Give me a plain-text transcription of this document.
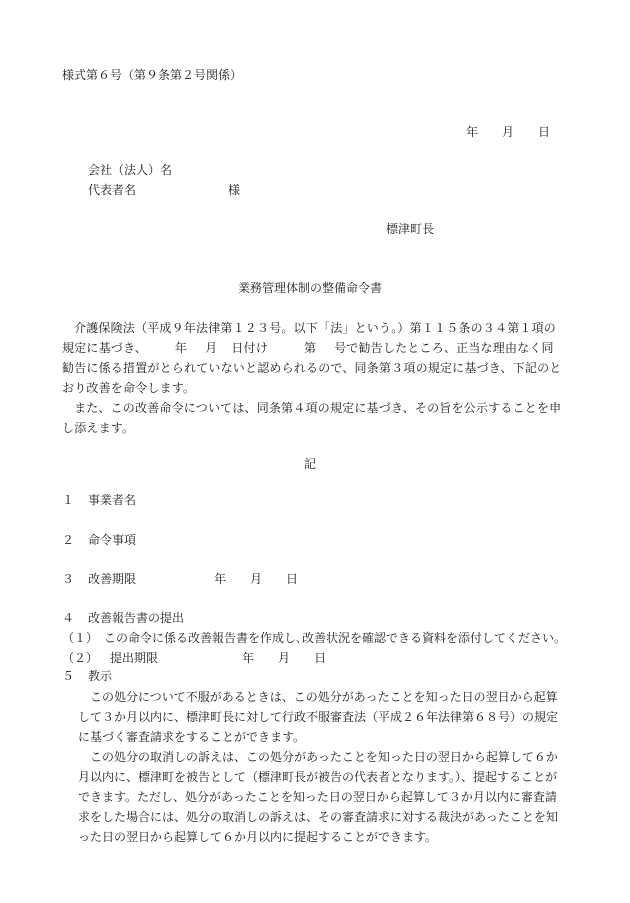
様式第６号（第９条第２号関係）
年 月 日
会社（法人）名
代表者名	様
標津町長
業務管理体制の整備命令書
介護保険法（平成９年法律第１２３号。以下「法」という。）第１１５条の３４第１項の規定に基づき、 年 月 日付け	第 号で勧告したところ、正当な理由なく同勧告に係る措置がとられていないと認められるので、同条第３項の規定に基づき、下記のとおり改善を命令します。
また、この改善命令については、同条第４項の規定に基づき、その旨を公示することを申し添えます。
記
１ 事業者名
２ 命令事項
３ 改善期限	年 月 日
４ 改善報告書の提出
（１） この命令に係る改善報告書を作成し､改善状況を確認できる資料を添付してください。
（２） 提出期限	年 月 日
５ 教示
この処分について不服があるときは、この処分があったことを知った日の翌日から起算して３か月以内に、標津町長に対して行政不服審査法（平成２６年法律第６８号）の規定に基づく審査請求をすることができます。
この処分の取消しの訴えは、この処分があったことを知った日の翌日から起算して６か月以内に、標津町を被告として（標津町長が被告の代表者となります。）、提起することができます。ただし、処分があったことを知った日の翌日から起算して３か月以内に審査請求をした場合には、処分の取消しの訴えは、その審査請求に対する裁決があったことを知った日の翌日から起算して６か月以内に提起することができます。
